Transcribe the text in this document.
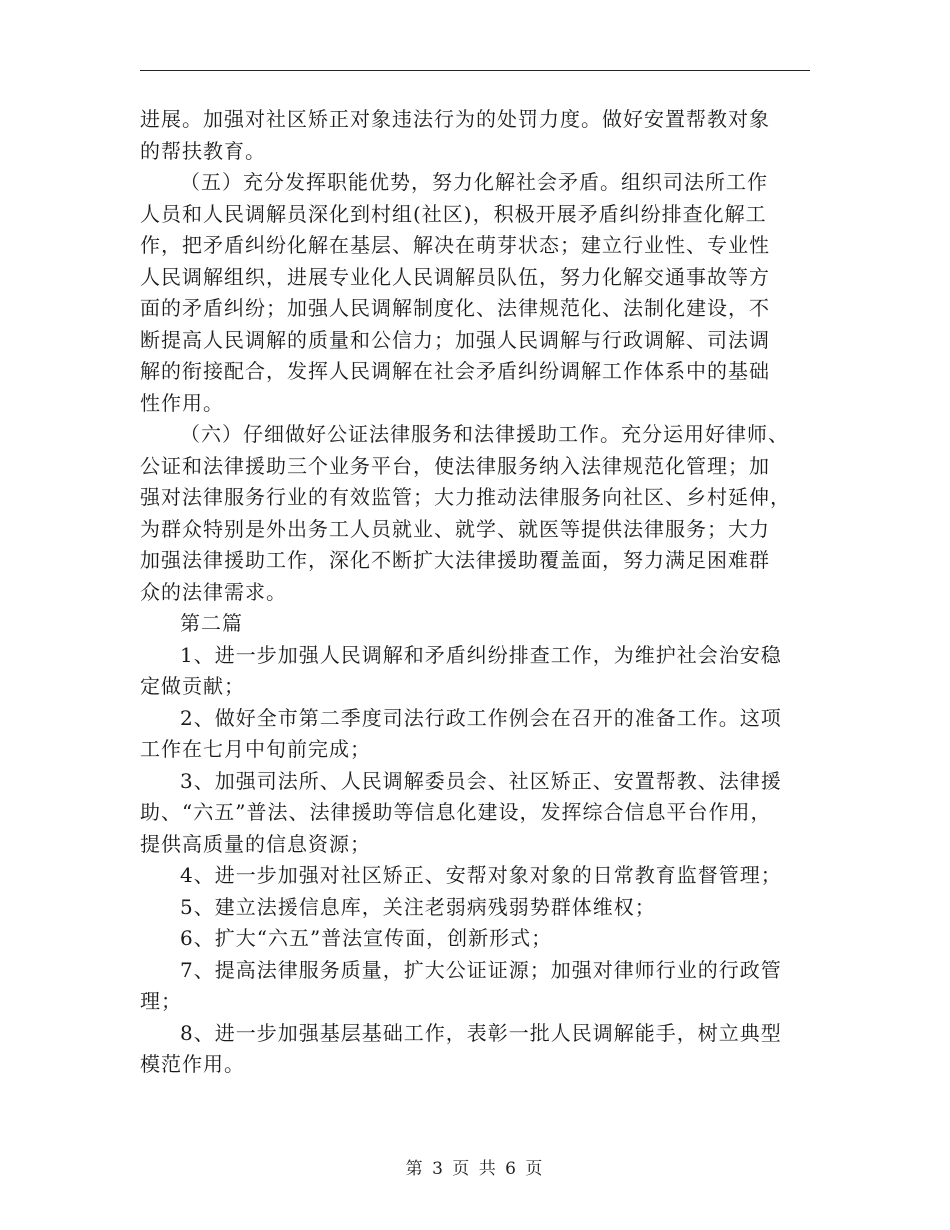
进展。加强对社区矫正对象违法行为的处罚力度。做好安置帮教对象
的帮扶教育。

（五）充分发挥职能优势，努力化解社会矛盾。组织司法所工作
人员和人民调解员深化到村组(社区)，积极开展矛盾纠纷排查化解工
作，把矛盾纠纷化解在基层、解决在萌芽状态；建立行业性、专业性
人民调解组织，进展专业化人民调解员队伍，努力化解交通事故等方
面的矛盾纠纷；加强人民调解制度化、法律规范化、法制化建设，不
断提高人民调解的质量和公信力；加强人民调解与行政调解、司法调
解的衔接配合，发挥人民调解在社会矛盾纠纷调解工作体系中的基础
性作用。

（六）仔细做好公证法律服务和法律援助工作。充分运用好律师、
公证和法律援助三个业务平台，使法律服务纳入法律规范化管理；加
强对法律服务行业的有效监管；大力推动法律服务向社区、乡村延伸，
为群众特别是外出务工人员就业、就学、就医等提供法律服务；大力
加强法律援助工作，深化不断扩大法律援助覆盖面，努力满足困难群
众的法律需求。

第二篇

1、进一步加强人民调解和矛盾纠纷排查工作，为维护社会治安稳
定做贡献；

2、做好全市第二季度司法行政工作例会在召开的准备工作。这项
工作在七月中旬前完成；

3、加强司法所、人民调解委员会、社区矫正、安置帮教、法律援
助、“六五”普法、法律援助等信息化建设，发挥综合信息平台作用，
提供高质量的信息资源；

4、进一步加强对社区矫正、安帮对象对象的日常教育监督管理；

5、建立法援信息库，关注老弱病残弱势群体维权；

6、扩大“六五”普法宣传面，创新形式；

7、提高法律服务质量，扩大公证证源；加强对律师行业的行政管
理；

8、进一步加强基层基础工作，表彰一批人民调解能手，树立典型
模范作用。

第 3 页 共 6 页
